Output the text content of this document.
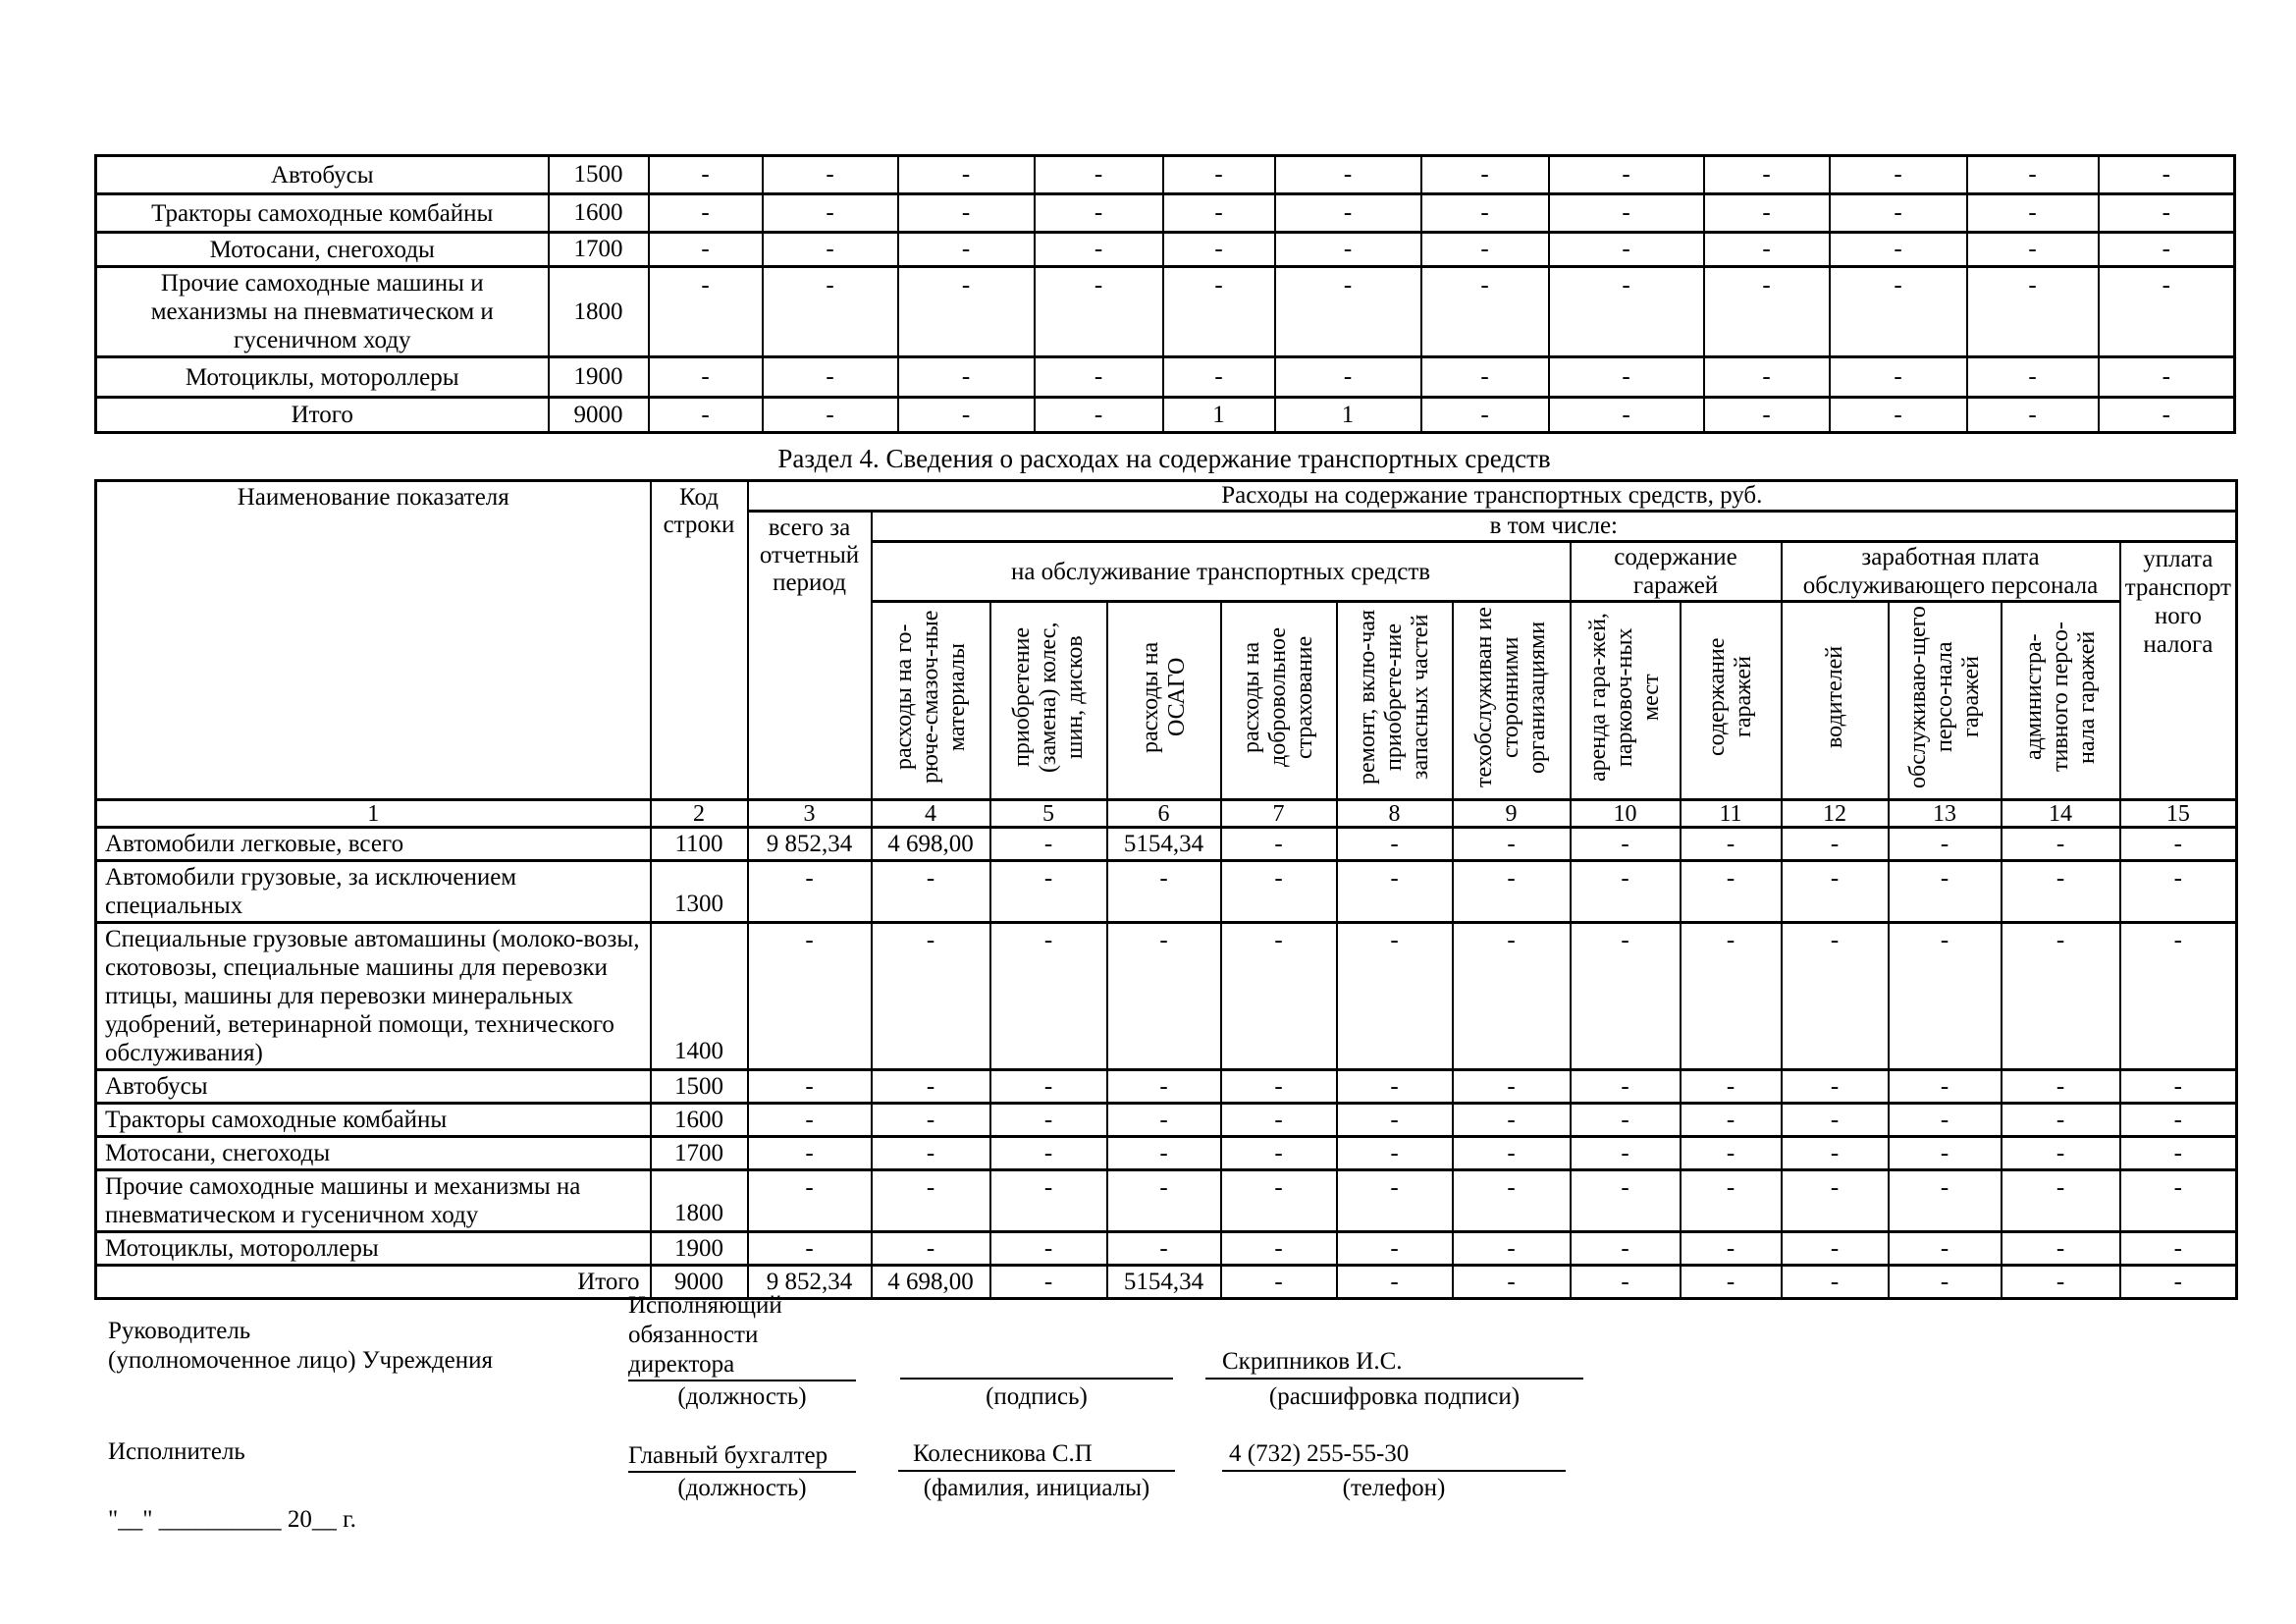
Автобусы	1500	-	-	-	-	-	-	-	-	-	-	-	-
Тракторы самоходные комбайны	1600	-	-	-	-	-	-	-	-	-	-	-	-
Мотосани, снегоходы	1700	-	-	-	-	-	-	-	-	-	-	-	-
Прочие самоходные машины и механизмы на пневматическом и гусеничном ходу	1800	-	-	-	-	-	-	-	-	-	-	-	-
Мотоциклы, мотороллеры	1900	-	-	-	-	-	-	-	-	-	-	-	-
Итого	9000	-	-	-	-	1	1	-	-	-	-	-	-
Раздел 4. Сведения о расходах на содержание транспортных средств
Наименование показателя	Код строки	Расходы на содержание транспортных средств, руб.												
		всего за отчетный период	в том числе:											
			на обслуживание транспортных средств						содержание гаражей		заработная плата обслуживающего персонала			уплата транспорт ного налога
			расходы на го-рюче-смазоч-ные материалы	приобретение (замена) колес, шин, дисков	расходы на ОСАГО	расходы на добровольное страхование	ремонт, вклю-чая приобрете-ние запасных частей	техобслуживан ие сторонними организациями	аренда гара-жей, парковоч-ных мест	содержание гаражей	водителей	обслуживаю-щего персо-нала гаражей	администра-тивного персо-нала гаражей	
1	2	3	4	5	6	7	8	9	10	11	12	13	14	15
Автомобили легковые, всего	1100	9 852,34	4 698,00	-	5154,34	-	-	-	-	-	-	-	-	-
Автомобили грузовые, за исключением специальных	1300	-	-	-	-	-	-	-	-	-	-	-	-	-
Специальные грузовые автомашины (молоко-возы, скотовозы, специальные машины для перевозки птицы, машины для перевозки минеральных удобрений, ветеринарной помощи, технического обслуживания)	1400	-	-	-	-	-	-	-	-	-	-	-	-	-
Автобусы	1500	-	-	-	-	-	-	-	-	-	-	-	-	-
Тракторы самоходные комбайны	1600	-	-	-	-	-	-	-	-	-	-	-	-	-
Мотосани, снегоходы	1700	-	-	-	-	-	-	-	-	-	-	-	-	-
Прочие самоходные машины и механизмы на пневматическом и гусеничном ходу	1800	-	-	-	-	-	-	-	-	-	-	-	-	-
Мотоциклы, мотороллеры	1900	-	-	-	-	-	-	-	-	-	-	-	-	-
Итого	9000	9 852,34	4 698,00	-	5154,34	-	-	-	-	-	-	-	-	-
Руководитель
(уполномоченное лицо) Учреждения
Исполняющий обязанности директора	Скрипников И.С.
(должность)	(подпись)	(расшифровка подписи)
Исполнитель	Главный бухгалтер	Колесникова С.П	4 (732) 255-55-30
(должность)	(фамилия, инициалы)	(телефон)
"__" __________ 20__ г.
